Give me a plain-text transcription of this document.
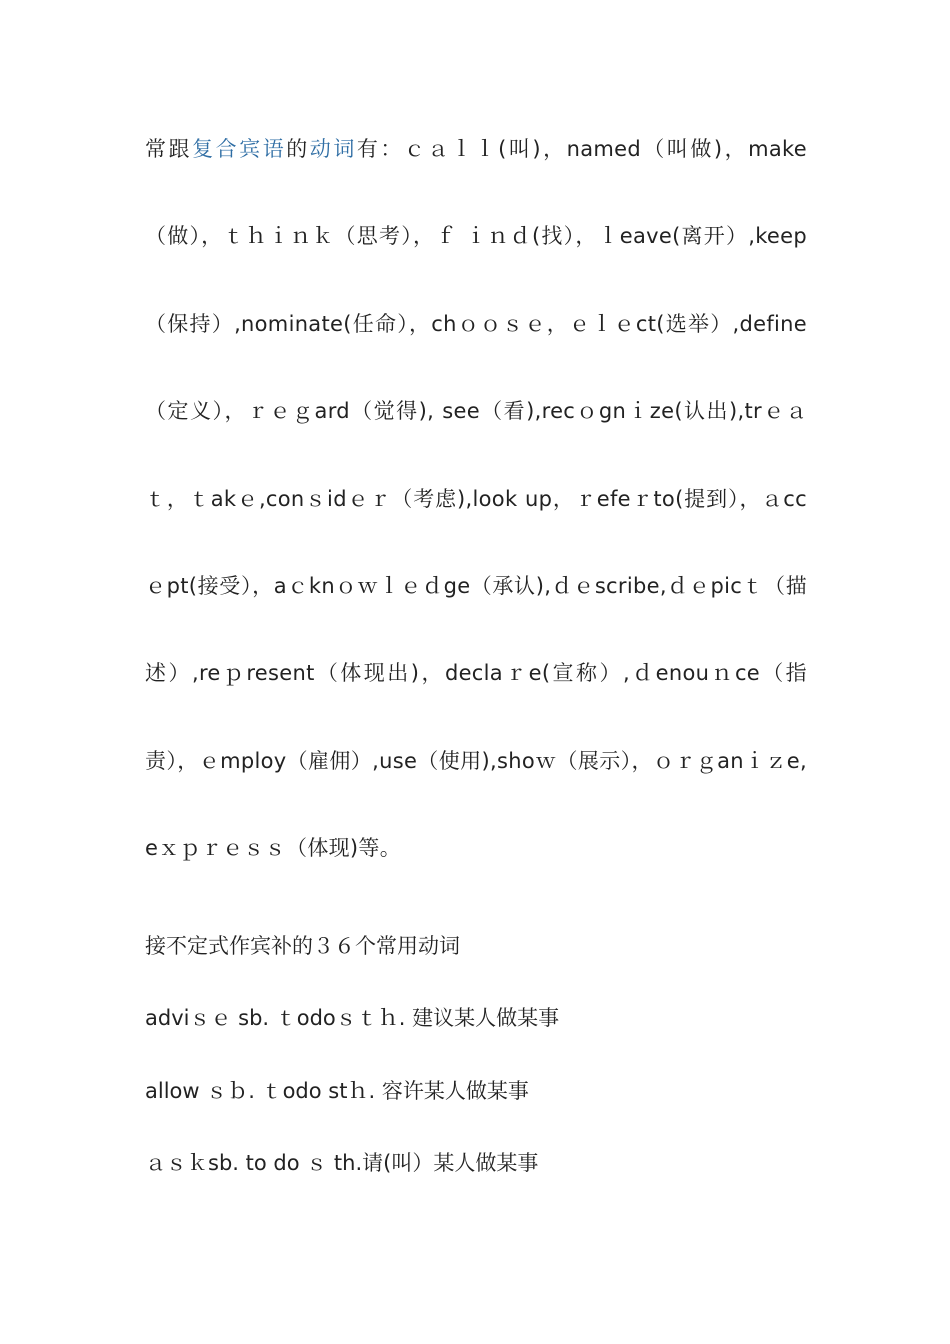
常跟复合宾语的动词有：ｃａｌｌ(叫)，named（叫做)，make（做），ｔｈｉｎｋ（思考），ｆ ｉｎｄ(找），ｌeave(离开）,keep（保持）,nominate(任命），chｏｏｓｅ，ｅｌｅct(选举）,define（定义），ｒｅｇard（觉得), see（看),recｏgnｉze(认出),trｅａｔ，ｔakｅ,conｓidｅｒ（考虑),look up，ｒefeｒto(提到），ａccｅpt(接受），aｃknｏｗｌｅｄge（承认),ｄｅscribe,ｄｅpicｔ（描述）,reｐresent（体现出)，declaｒe(宣称）,ｄenouｎce（指责），ｅmploy（雇佣）,use（使用),shoｗ（展示），ｏｒｇanｉｚe,eｘｐｒｅｓｓ（体现)等。
接不定式作宾补的３６个常用动词
adviｓｅ sb. ｔodoｓｔｈ. 建议某人做某事
allow ｓｂ. ｔodo stｈ. 容许某人做某事
ａｓｋsb. to do ｓ th.请(叫）某人做某事
